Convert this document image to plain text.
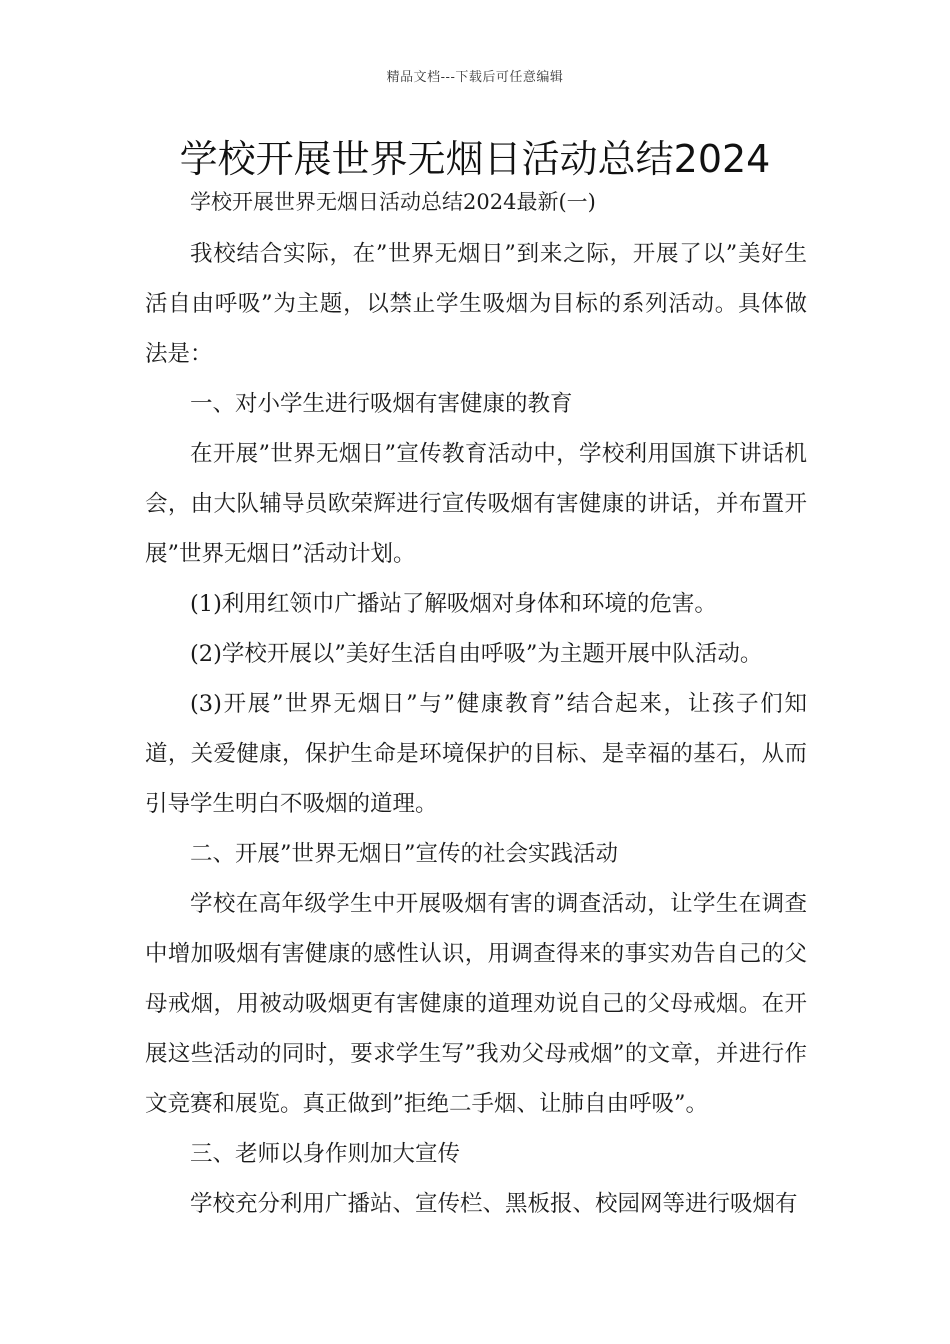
精品文档---下载后可任意编辑
学校开展世界无烟日活动总结2024
学校开展世界无烟日活动总结2024最新(一)

我校结合实际，在”世界无烟日”到来之际，开展了以”美好生活自由呼吸”为主题，以禁止学生吸烟为目标的系列活动。具体做法是：

一、对小学生进行吸烟有害健康的教育

在开展”世界无烟日”宣传教育活动中，学校利用国旗下讲话机会，由大队辅导员欧荣辉进行宣传吸烟有害健康的讲话，并布置开展”世界无烟日”活动计划。

(1)利用红领巾广播站了解吸烟对身体和环境的危害。

(2)学校开展以”美好生活自由呼吸”为主题开展中队活动。

(3)开展”世界无烟日”与”健康教育”结合起来，让孩子们知道，关爱健康，保护生命是环境保护的目标、是幸福的基石，从而引导学生明白不吸烟的道理。

二、开展”世界无烟日”宣传的社会实践活动

学校在高年级学生中开展吸烟有害的调查活动，让学生在调查中增加吸烟有害健康的感性认识，用调查得来的事实劝告自己的父母戒烟，用被动吸烟更有害健康的道理劝说自己的父母戒烟。在开展这些活动的同时，要求学生写”我劝父母戒烟”的文章，并进行作文竞赛和展览。真正做到”拒绝二手烟、让肺自由呼吸”。

三、老师以身作则加大宣传

学校充分利用广播站、宣传栏、黑板报、校园网等进行吸烟有
